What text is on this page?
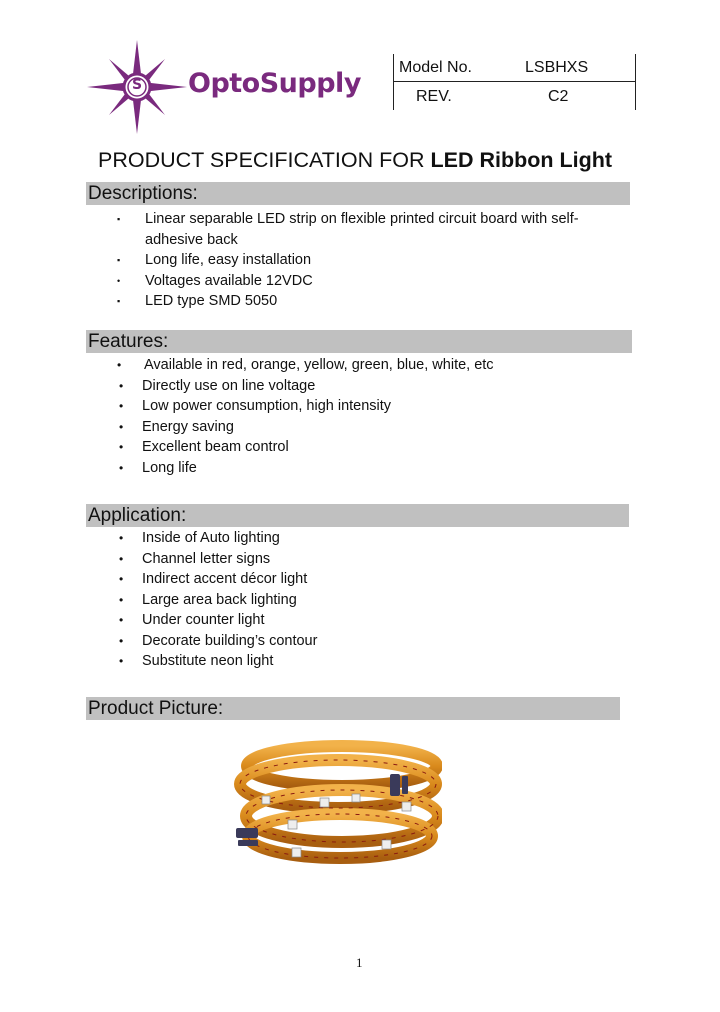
OptoSupply
S
Model No.	LSBHXS
REV.	C2
PRODUCT SPECIFICATION FOR LED Ribbon Light
Descriptions:
▪ Linear separable LED strip on flexible printed circuit board with self-
adhesive back
▪ Long life, easy installation
• Voltages available 12VDC
▪ LED type SMD 5050
Features:
• Available in red, orange, yellow, green, blue, white, etc
• Directly use on line voltage
• Low power consumption, high intensity
• Energy saving
• Excellent beam control
• Long life
Application:
• Inside of Auto lighting
• Channel letter signs
• Indirect accent décor light
• Large area back lighting
• Under counter light
• Decorate building’s contour
• Substitute neon light
Product Picture:
1
